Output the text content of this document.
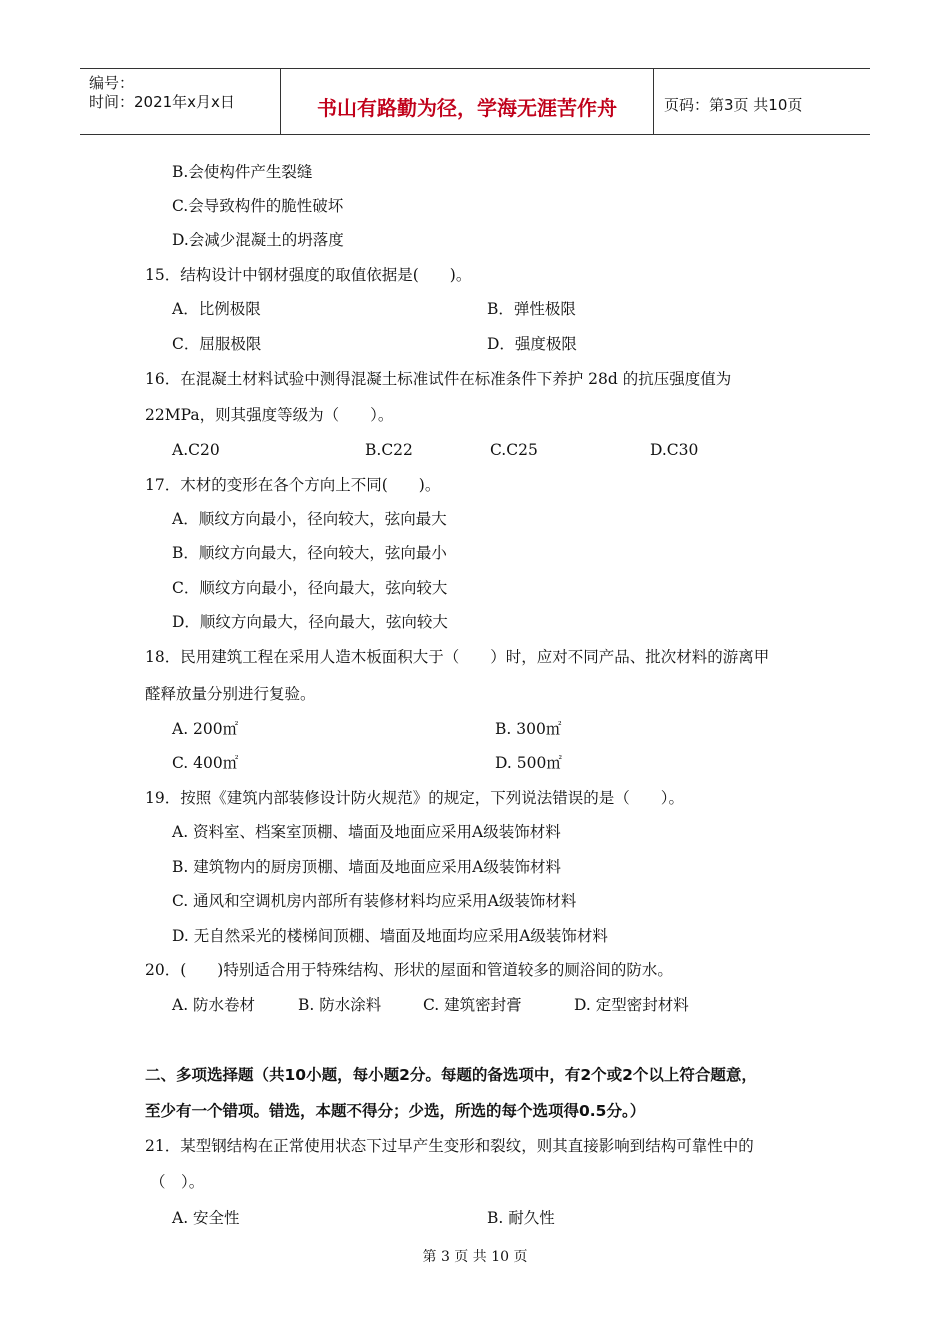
编号：
时间：2021年x月x日	书山有路勤为径，学海无涯苦作舟	页码：第3页 共10页
B.会使构件产生裂缝
C.会导致构件的脆性破坏
D.会减少混凝土的坍落度
15．结构设计中钢材强度的取值依据是(　　)。
A．比例极限	B．弹性极限
C．屈服极限	D．强度极限
16．在混凝土材料试验中测得混凝土标准试件在标准条件下养护 28d 的抗压强度值为
22MPa，则其强度等级为（　　）。
A.C20	B.C22	C.C25	D.C30
17．木材的变形在各个方向上不同(　　)。
A．顺纹方向最小，径向较大，弦向最大
B．顺纹方向最大，径向较大，弦向最小
C．顺纹方向最小，径向最大，弦向较大
D．顺纹方向最大，径向最大，弦向较大
18．民用建筑工程在采用人造木板面积大于（　　）时，应对不同产品、批次材料的游离甲
醛释放量分别进行复验。
A. 200㎡	B. 300㎡
C. 400㎡	D. 500㎡
19．按照《建筑内部装修设计防火规范》的规定，下列说法错误的是（　　）。
A. 资料室、档案室顶棚、墙面及地面应采用A级装饰材料
B. 建筑物内的厨房顶棚、墙面及地面应采用A级装饰材料
C. 通风和空调机房内部所有装修材料均应采用A级装饰材料
D. 无自然采光的楼梯间顶棚、墙面及地面均应采用A级装饰材料
20．(　　)特别适合用于特殊结构、形状的屋面和管道较多的厕浴间的防水。
A. 防水卷材	B. 防水涂料	C. 建筑密封膏	D. 定型密封材料
二、多项选择题（共10小题，每小题2分。每题的备选项中，有2个或2个以上符合题意，
至少有一个错项。错选，本题不得分；少选，所选的每个选项得0.5分。）
21．某型钢结构在正常使用状态下过早产生变形和裂纹，则其直接影响到结构可靠性中的
（　）。
A. 安全性	B. 耐久性
第 3 页 共 10 页
